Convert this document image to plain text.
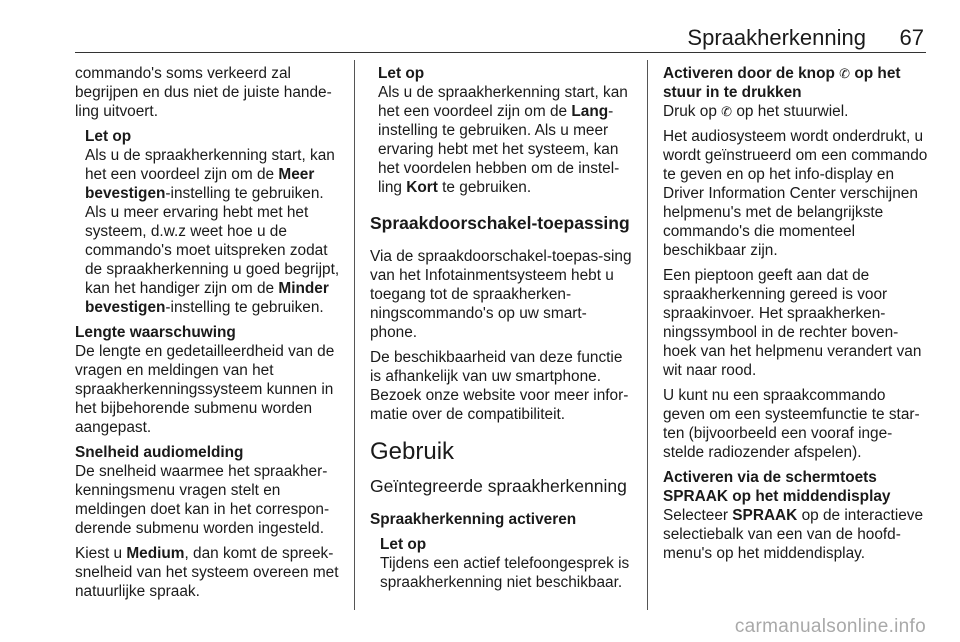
Spraakherkenning 67

commando's soms verkeerd zal begrijpen en dus niet de juiste hande-ling uitvoert.

Let op

Als u de spraakherkenning start, kan het een voordeel zijn om de Meer bevestigen-instelling te gebruiken. Als u meer ervaring hebt met het systeem, d.w.z weet hoe u de commando's moet uitspreken zodat de spraakherkenning u goed begrijpt, kan het handiger zijn om de Minder bevestigen-instelling te gebruiken.

Lengte waarschuwing

De lengte en gedetailleerdheid van de vragen en meldingen van het spraakherkenningssysteem kunnen in het bijbehorende submenu worden aangepast.

Snelheid audiomelding

De snelheid waarmee het spraakher-kenningsmenu vragen stelt en meldingen doet kan in het correspon-derende submenu worden ingesteld.

Kiest u Medium, dan komt de spreek-snelheid van het systeem overeen met natuurlijke spraak.

Let op

Als u de spraakherkenning start, kan het een voordeel zijn om de Lang-instelling te gebruiken. Als u meer ervaring hebt met het systeem, kan het voordelen hebben om de instel-ling Kort te gebruiken.

Spraakdoorschakel-toepassing

Via de spraakdoorschakel-toepas-sing van het Infotainmentsysteem hebt u toegang tot de spraakherken-ningscommando's op uw smart-phone.

De beschikbaarheid van deze functie is afhankelijk van uw smartphone. Bezoek onze website voor meer infor-matie over de compatibiliteit.

Gebruik
Geïntegreerde spraakherkenning
Spraakherkenning activeren
Let op

Tijdens een actief telefoongesprek is spraakherkenning niet beschikbaar.

Activeren door de knop ✆ op het stuur in te drukken

Druk op ✆ op het stuurwiel.

Het audiosysteem wordt onderdrukt, u wordt geïnstrueerd om een commando te geven en op het info-display en Driver Information Center verschijnen helpmenu's met de belangrijkste commando's die momenteel beschikbaar zijn.

Een pieptoon geeft aan dat de spraakherkenning gereed is voor spraakinvoer. Het spraakherken-ningssymbool in de rechter boven-hoek van het helpmenu verandert van wit naar rood.

U kunt nu een spraakcommando geven om een systeemfunctie te star-ten (bijvoorbeeld een vooraf inge-stelde radiozender afspelen).

Activeren via de schermtoets SPRAAK op het middendisplay

Selecteer SPRAAK op de interactieve selectiebalk van een van de hoofd-menu's op het middendisplay.

carmanualsonline.info
